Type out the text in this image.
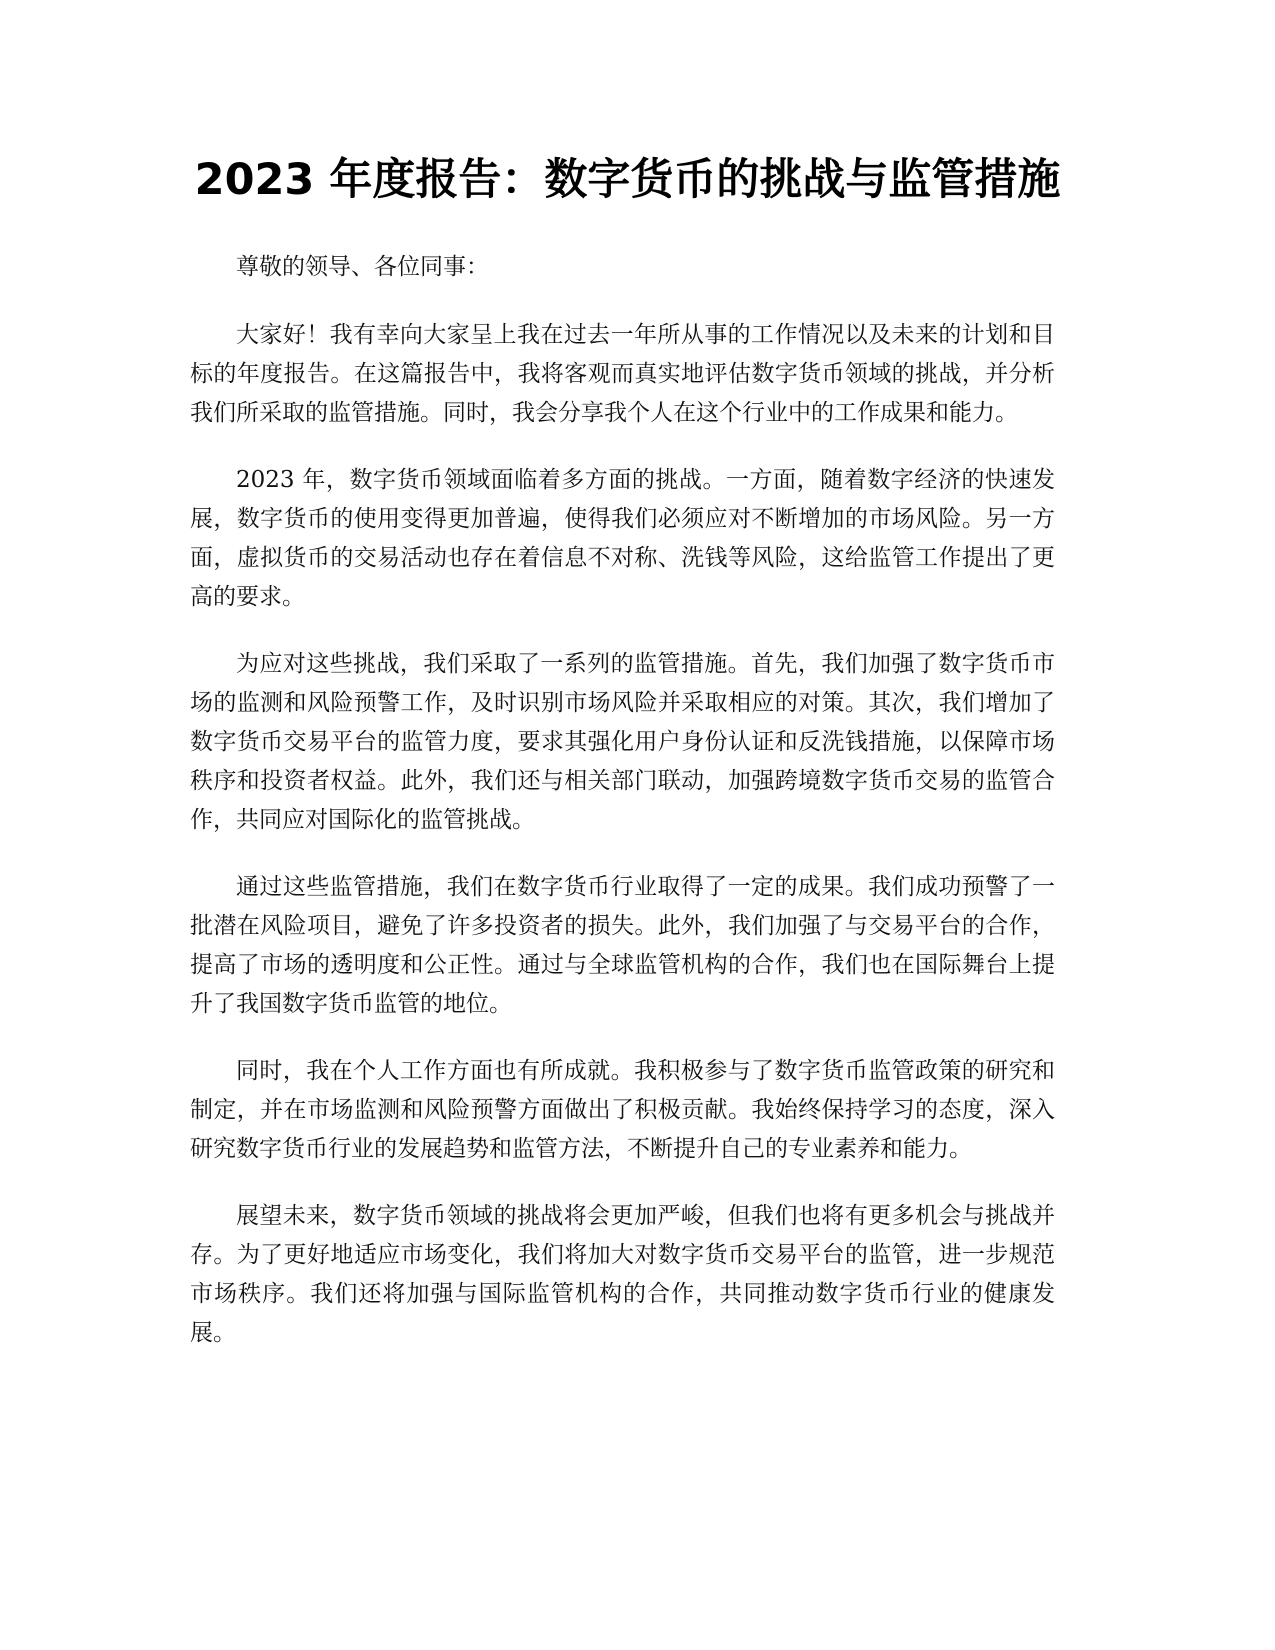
2023 年度报告：数字货币的挑战与监管措施

尊敬的领导、各位同事：

大家好！我有幸向大家呈上我在过去一年所从事的工作情况以及未来的计划和目标的年度报告。在这篇报告中，我将客观而真实地评估数字货币领域的挑战，并分析我们所采取的监管措施。同时，我会分享我个人在这个行业中的工作成果和能力。

2023 年，数字货币领域面临着多方面的挑战。一方面，随着数字经济的快速发展，数字货币的使用变得更加普遍，使得我们必须应对不断增加的市场风险。另一方面，虚拟货币的交易活动也存在着信息不对称、洗钱等风险，这给监管工作提出了更高的要求。

为应对这些挑战，我们采取了一系列的监管措施。首先，我们加强了数字货币市场的监测和风险预警工作，及时识别市场风险并采取相应的对策。其次，我们增加了数字货币交易平台的监管力度，要求其强化用户身份认证和反洗钱措施，以保障市场秩序和投资者权益。此外，我们还与相关部门联动，加强跨境数字货币交易的监管合作，共同应对国际化的监管挑战。

通过这些监管措施，我们在数字货币行业取得了一定的成果。我们成功预警了一批潜在风险项目，避免了许多投资者的损失。此外，我们加强了与交易平台的合作，提高了市场的透明度和公正性。通过与全球监管机构的合作，我们也在国际舞台上提升了我国数字货币监管的地位。

同时，我在个人工作方面也有所成就。我积极参与了数字货币监管政策的研究和制定，并在市场监测和风险预警方面做出了积极贡献。我始终保持学习的态度，深入研究数字货币行业的发展趋势和监管方法，不断提升自己的专业素养和能力。

展望未来，数字货币领域的挑战将会更加严峻，但我们也将有更多机会与挑战并存。为了更好地适应市场变化，我们将加大对数字货币交易平台的监管，进一步规范市场秩序。我们还将加强与国际监管机构的合作，共同推动数字货币行业的健康发展。
